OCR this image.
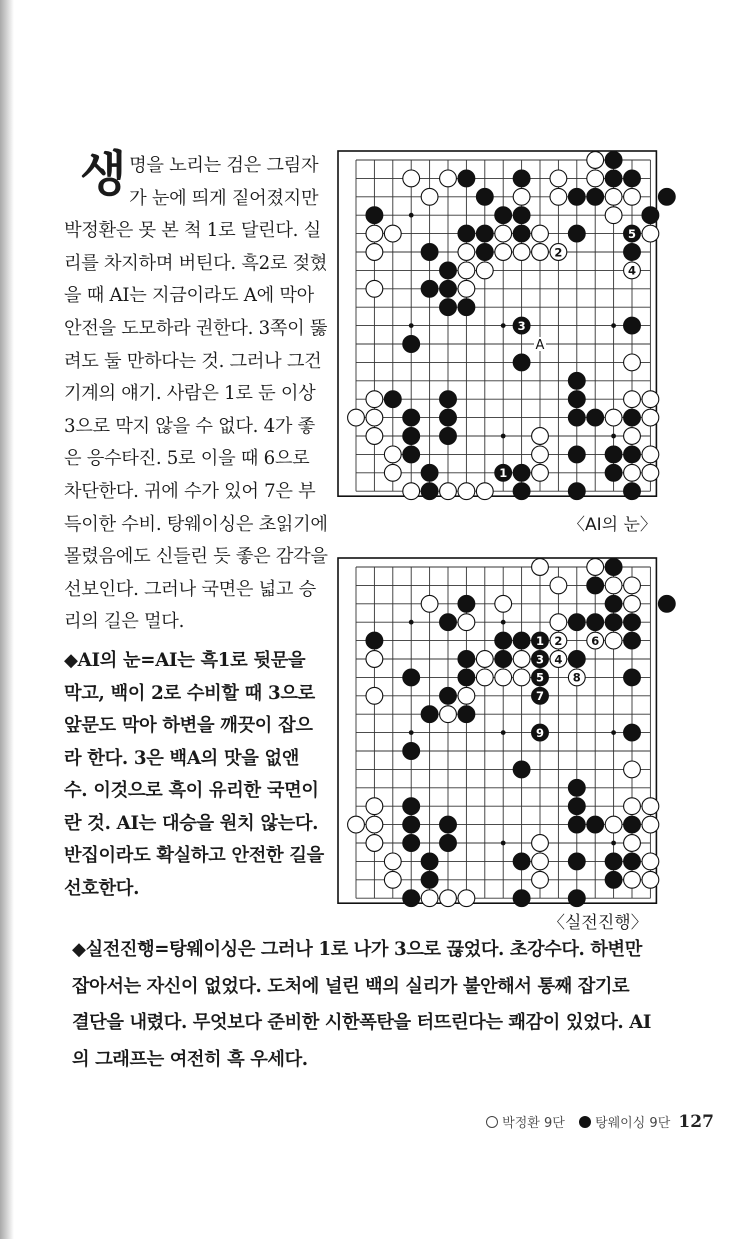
생명을 노리는 검은 그림자가 눈에 띄게 짙어졌지만 박정환은 못 본 척 1로 달린다. 실리를 차지하며 버틴다. 흑2로 젖혔을 때 AI는 지금이라도 A에 막아 안전을 도모하라 권한다. 3쪽이 뚫려도 둘 만하다는 것. 그러나 그건 기계의 얘기. 사람은 1로 둔 이상 3으로 막지 않을 수 없다. 4가 좋은 응수타진. 5로 이을 때 6으로 차단한다. 귀에 수가 있어 7은 부득이한 수비. 탕웨이싱은 초읽기에 몰렸음에도 신들린 듯 좋은 감각을 선보인다. 그러나 국면은 넓고 승리의 길은 멀다.

◆AI의 눈=AI는 흑1로 뒷문을 막고, 백이 2로 수비할 때 3으로 앞문도 막아 하변을 깨끗이 잡으라 한다. 3은 백A의 맛을 없앤 수. 이것으로 흑이 유리한 국면이란 것. AI는 대승을 원치 않는다. 반집이라도 확실하고 안전한 길을 선호한다.

◆실전진행=탕웨이싱은 그러나 1로 나가 3으로 끊었다. 초강수다. 하변만 잡아서는 자신이 없었다. 도처에 널린 백의 실리가 불안해서 통째 잡기로 결단을 내렸다. 무엇보다 준비한 시한폭탄을 터뜨린다는 쾌감이 있었다. AI의 그래프는 여전히 흑 우세다.

A
5
2
4
3
1
〈AI의 눈〉
1 2	6
3 4
5	8
7
9
〈실전진행〉
박정환 9단 탕웨이싱 9단 127
